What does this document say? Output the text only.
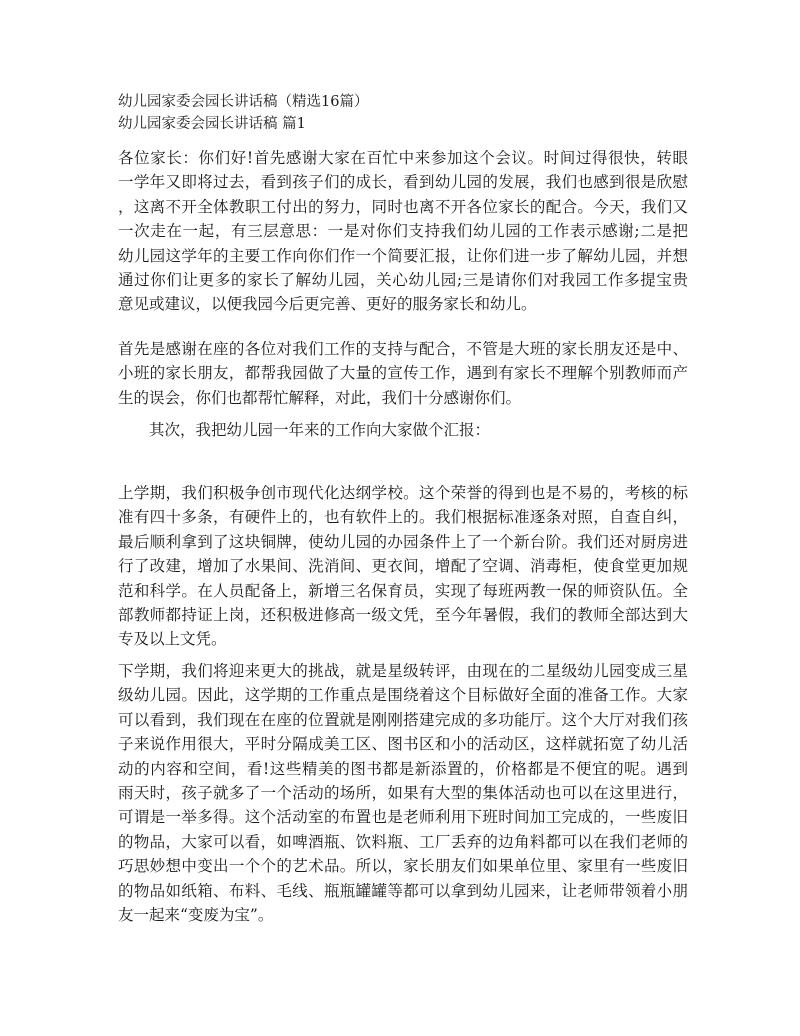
幼儿园家委会园长讲话稿（精选16篇）
幼儿园家委会园长讲话稿 篇1
各位家长：你们好!首先感谢大家在百忙中来参加这个会议。时间过得很快，转眼
一学年又即将过去，看到孩子们的成长，看到幼儿园的发展，我们也感到很是欣慰
，这离不开全体教职工付出的努力，同时也离不开各位家长的配合。今天，我们又
一次走在一起，有三层意思：一是对你们支持我们幼儿园的工作表示感谢;二是把
幼儿园这学年的主要工作向你们作一个简要汇报，让你们进一步了解幼儿园，并想
通过你们让更多的家长了解幼儿园，关心幼儿园;三是请你们对我园工作多提宝贵
意见或建议，以便我园今后更完善、更好的服务家长和幼儿。
首先是感谢在座的各位对我们工作的支持与配合，不管是大班的家长朋友还是中、
小班的家长朋友，都帮我园做了大量的宣传工作，遇到有家长不理解个别教师而产
生的误会，你们也都帮忙解释，对此，我们十分感谢你们。
　　其次，我把幼儿园一年来的工作向大家做个汇报：
上学期，我们积极争创市现代化达纲学校。这个荣誉的得到也是不易的，考核的标
准有四十多条，有硬件上的，也有软件上的。我们根据标准逐条对照，自查自纠，
最后顺利拿到了这块铜牌，使幼儿园的办园条件上了一个新台阶。我们还对厨房进
行了改建，增加了水果间、洗消间、更衣间，增配了空调、消毒柜，使食堂更加规
范和科学。在人员配备上，新增三名保育员，实现了每班两教一保的师资队伍。全
部教师都持证上岗，还积极进修高一级文凭，至今年暑假，我们的教师全部达到大
专及以上文凭。
下学期，我们将迎来更大的挑战，就是星级转评，由现在的二星级幼儿园变成三星
级幼儿园。因此，这学期的工作重点是围绕着这个目标做好全面的准备工作。大家
可以看到，我们现在在座的位置就是刚刚搭建完成的多功能厅。这个大厅对我们孩
子来说作用很大，平时分隔成美工区、图书区和小的活动区，这样就拓宽了幼儿活
动的内容和空间，看!这些精美的图书都是新添置的，价格都是不便宜的呢。遇到
雨天时，孩子就多了一个活动的场所，如果有大型的集体活动也可以在这里进行，
可谓是一举多得。这个活动室的布置也是老师利用下班时间加工完成的，一些废旧
的物品，大家可以看，如啤酒瓶、饮料瓶、工厂丢弃的边角料都可以在我们老师的
巧思妙想中变出一个个的艺术品。所以，家长朋友们如果单位里、家里有一些废旧
的物品如纸箱、布料、毛线、瓶瓶罐罐等都可以拿到幼儿园来，让老师带领着小朋
友一起来“变废为宝”。
